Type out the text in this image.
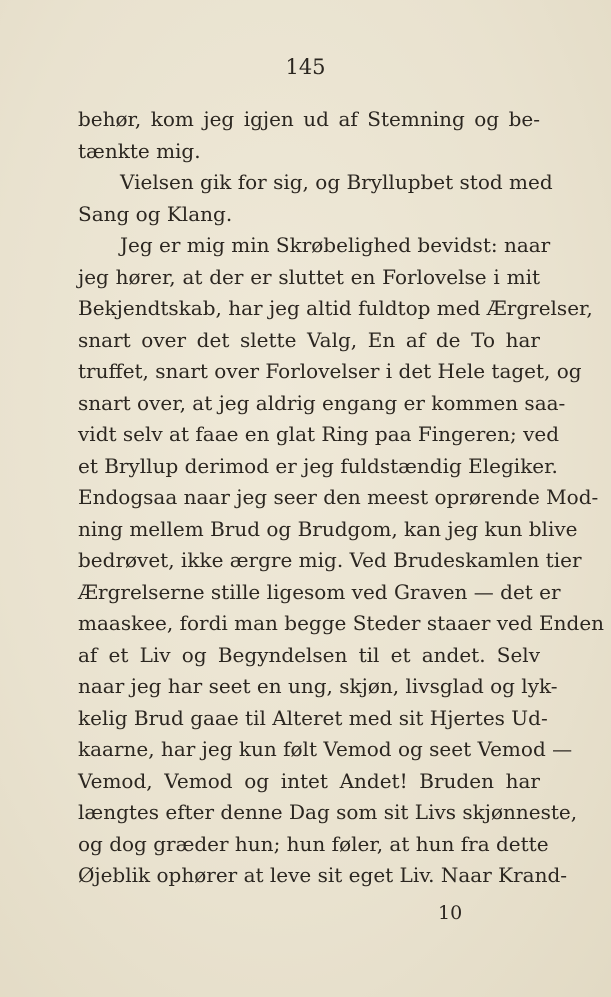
145
behør, kom jeg igjen ud af Stemning og be-
tænkte mig.
Vielsen gik for sig, og Bryllupbet stod med
Sang og Klang.
Jeg er mig min Skrøbelighed bevidst: naar
jeg hører, at der er sluttet en Forlovelse i mit
Bekjendtskab, har jeg altid fuldtop med Ærgrelser,
snart over det slette Valg, En af de To har
truffet, snart over Forlovelser i det Hele taget, og
snart over, at jeg aldrig engang er kommen saa-
vidt selv at faae en glat Ring paa Fingeren; ved
et Bryllup derimod er jeg fuldstændig Elegiker.
Endogsaa naar jeg seer den meest oprørende Mod-
ning mellem Brud og Brudgom, kan jeg kun blive
bedrøvet, ikke ærgre mig. Ved Brudeskamlen tier
Ærgrelserne stille ligesom ved Graven — det er
maaskee, fordi man begge Steder staaer ved Enden
af et Liv og Begyndelsen til et andet. Selv
naar jeg har seet en ung, skjøn, livsglad og lyk-
kelig Brud gaae til Alteret med sit Hjertes Ud-
kaarne, har jeg kun følt Vemod og seet Vemod —
Vemod, Vemod og intet Andet! Bruden har
længtes efter denne Dag som sit Livs skjønneste,
og dog græder hun; hun føler, at hun fra dette
Øjeblik ophører at leve sit eget Liv. Naar Krand-
10
